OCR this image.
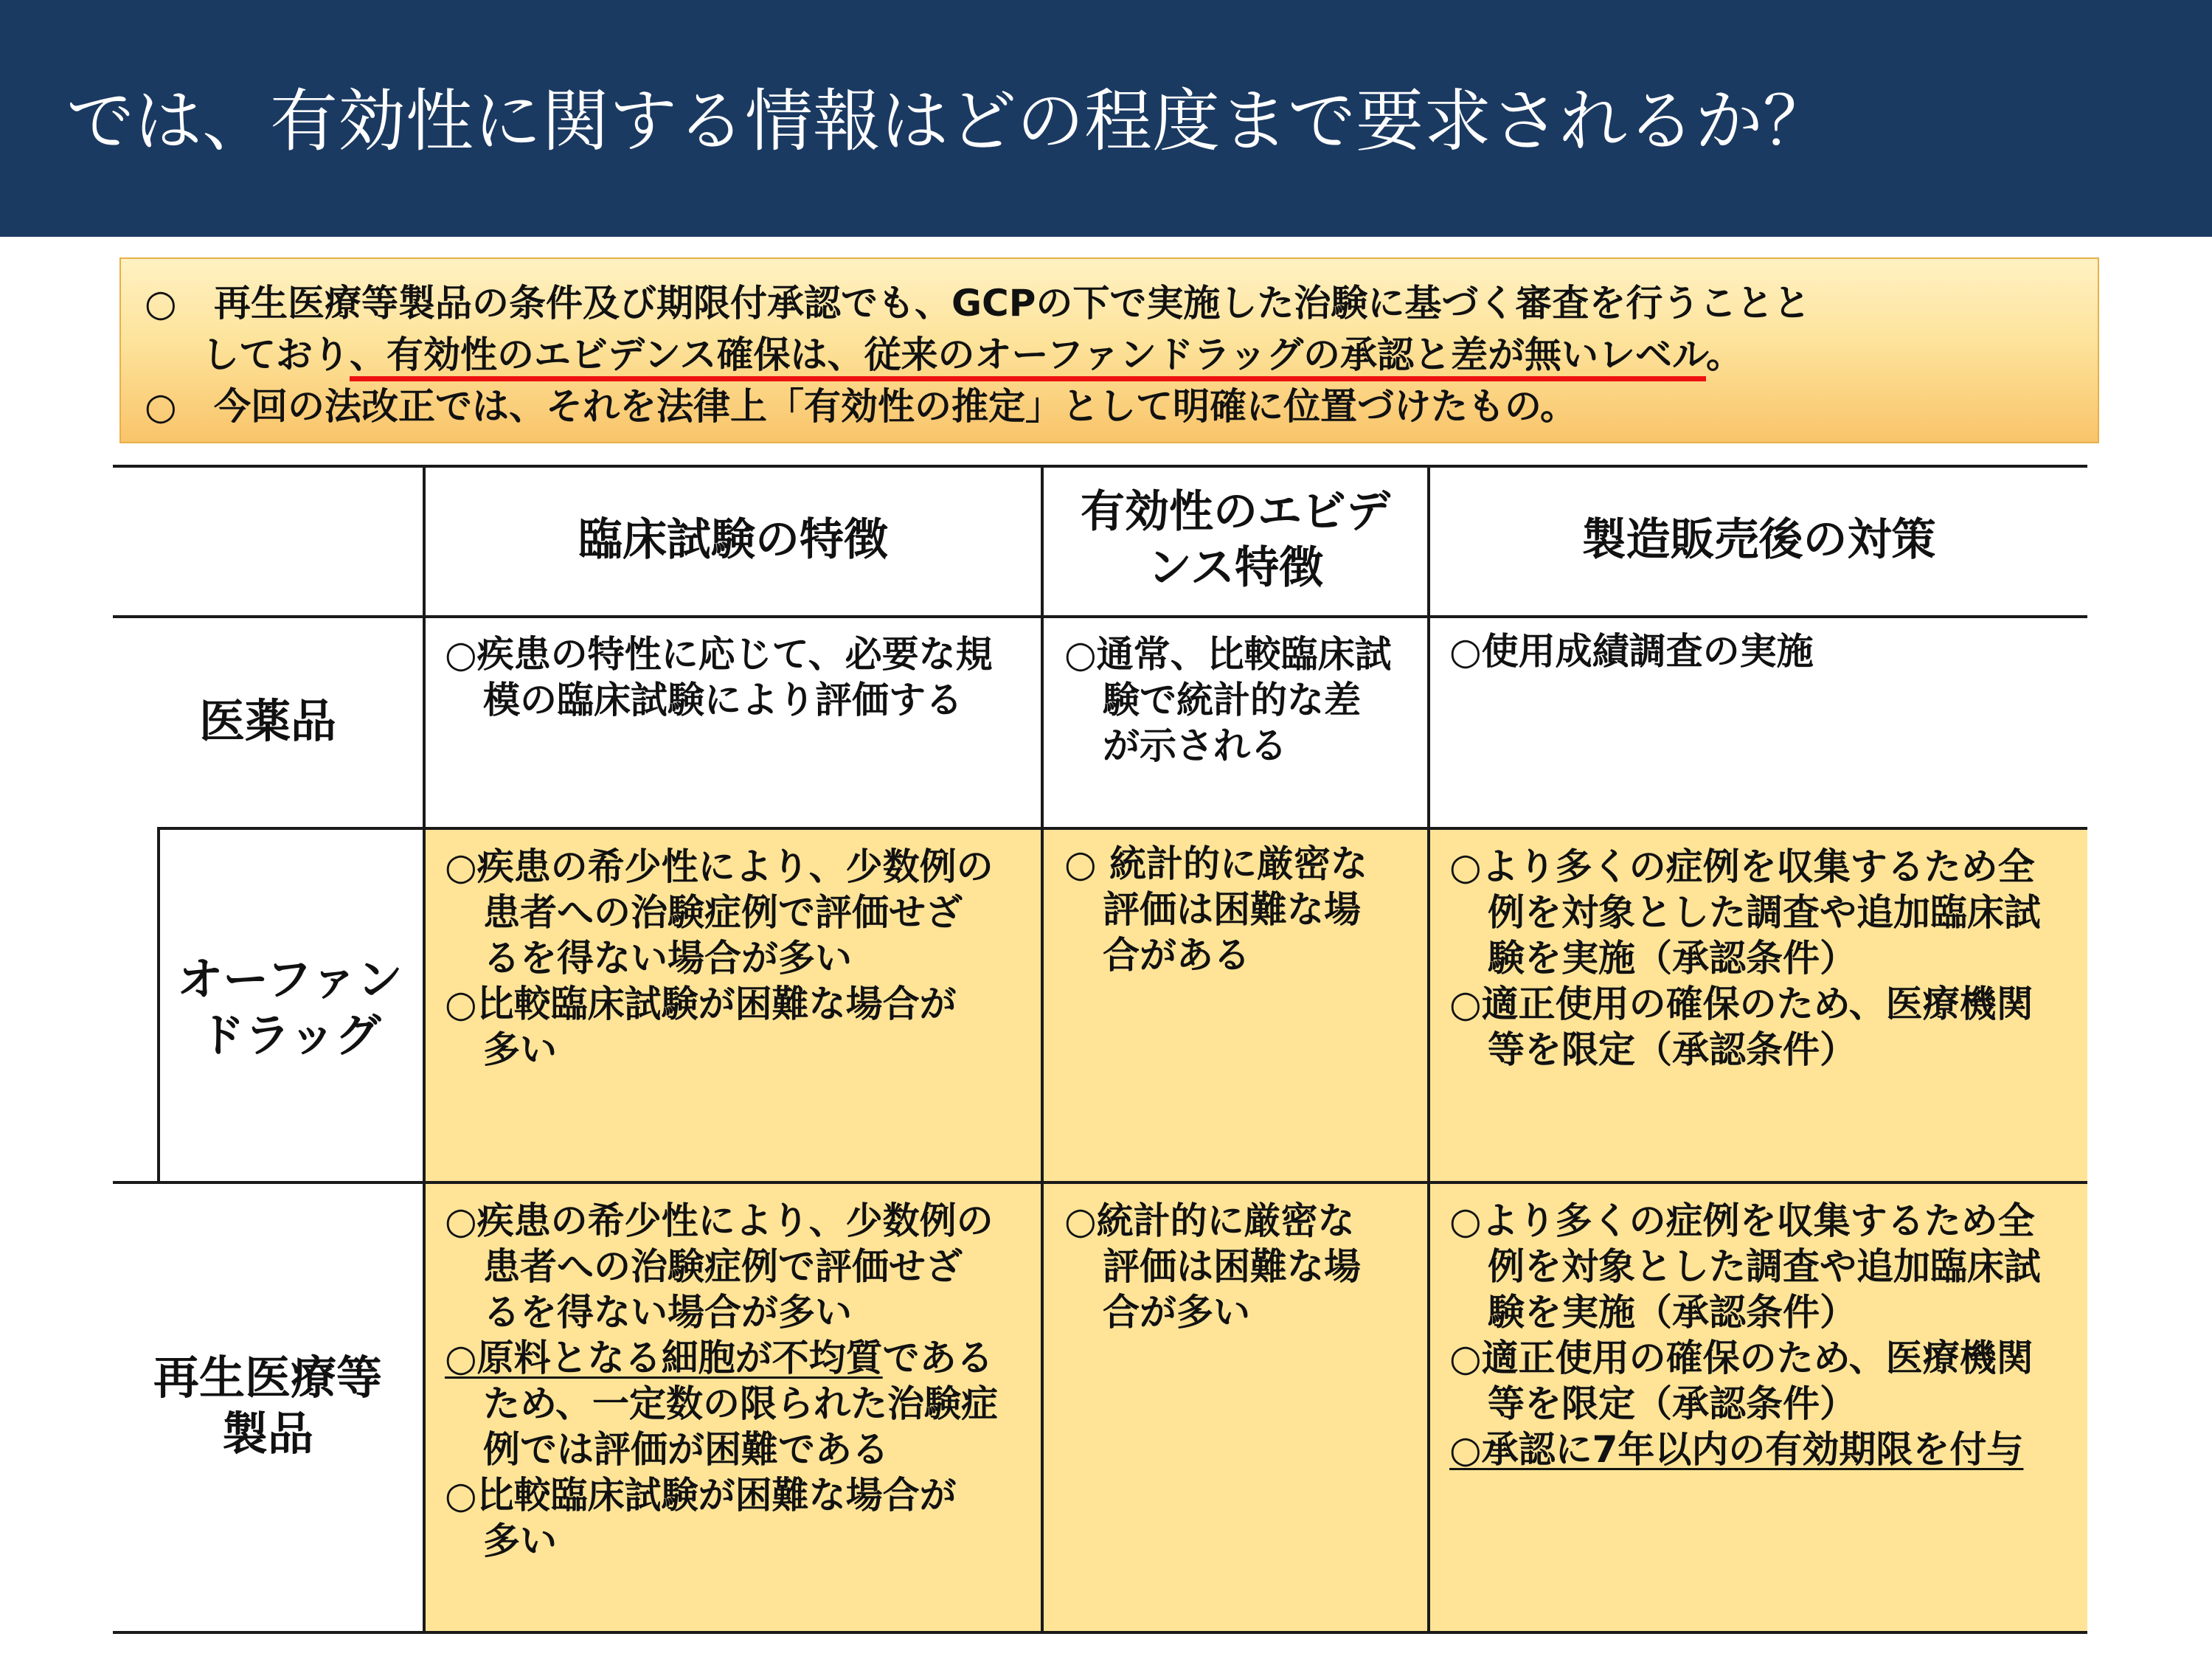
では、有効性に関する情報はどの程度まで要求されるか？
○ 再生医療等製品の条件及び期限付承認でも、GCPの下で実施した治験に基づく審査を行うことと
しており、有効性のエビデンス確保は、従来のオーファンドラッグの承認と差が無いレベル。
○ 今回の法改正では、それを法律上「有効性の推定」として明確に位置づけたもの。
臨床試験の特徴
有効性のエビデ
ンス特徴
製造販売後の対策
医薬品
○疾患の特性に応じて、必要な規
模の臨床試験により評価する
○通常、比較臨床試
験で統計的な差
が示される
○使用成績調査の実施
オーファン
ドラッグ
○疾患の希少性により、少数例の
患者への治験症例で評価せざ
るを得ない場合が多い
○比較臨床試験が困難な場合が
多い
○ 統計的に厳密な
評価は困難な場
合がある
○より多くの症例を収集するため全
例を対象とした調査や追加臨床試
験を実施（承認条件）
○適正使用の確保のため、医療機関
等を限定（承認条件）
再生医療等
製品
○疾患の希少性により、少数例の
患者への治験症例で評価せざ
るを得ない場合が多い
○原料となる細胞が不均質である
ため、一定数の限られた治験症
例では評価が困難である
○比較臨床試験が困難な場合が
多い
○統計的に厳密な
評価は困難な場
合が多い
○より多くの症例を収集するため全
例を対象とした調査や追加臨床試
験を実施（承認条件）
○適正使用の確保のため、医療機関
等を限定（承認条件）
○承認に7年以内の有効期限を付与
